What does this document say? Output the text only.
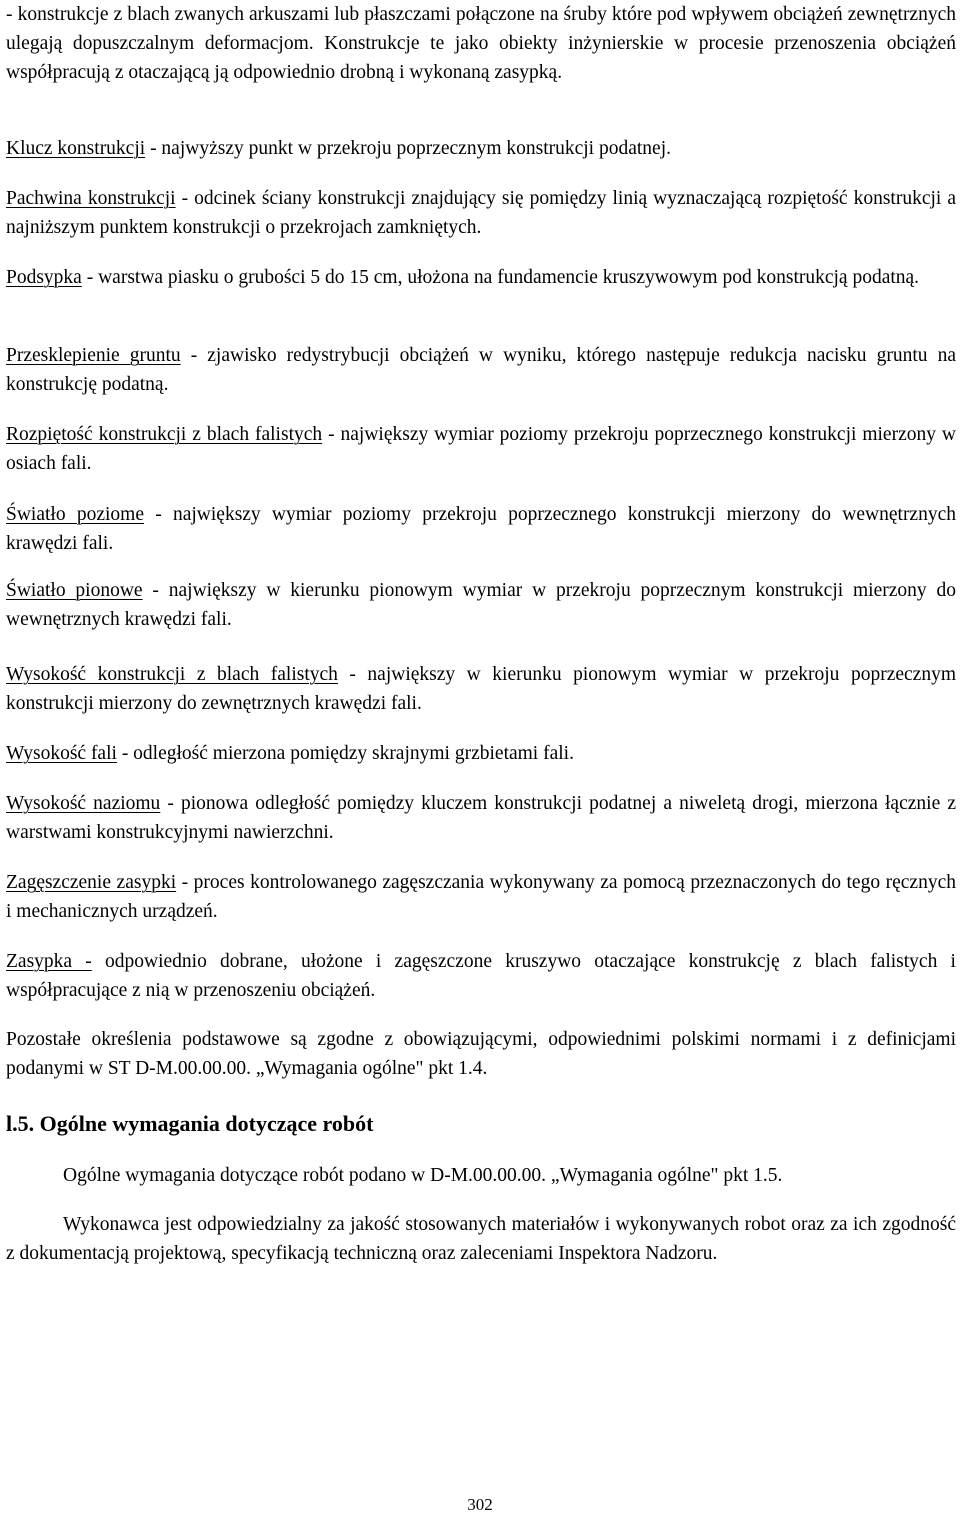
- konstrukcje z blach zwanych arkuszami lub płaszczami połączone na śruby które pod wpływem obciążeń zewnętrznych ulegają dopuszczalnym deformacjom. Konstrukcje te jako obiekty inżynierskie w procesie przenoszenia obciążeń współpracują z otaczającą ją odpowiednio drobną i wykonaną zasypką.

Klucz konstrukcji - najwyższy punkt w przekroju poprzecznym konstrukcji podatnej.

Pachwina konstrukcji - odcinek ściany konstrukcji znajdujący się pomiędzy linią wyznaczającą rozpiętość konstrukcji a najniższym punktem konstrukcji o przekrojach zamkniętych.

Podsypka - warstwa piasku o grubości 5 do 15 cm, ułożona na fundamencie kruszywowym pod konstrukcją podatną.

Przesklepienie gruntu - zjawisko redystrybucji obciążeń w wyniku, którego następuje redukcja nacisku gruntu na konstrukcję podatną.

Rozpiętość konstrukcji z blach falistych - największy wymiar poziomy przekroju poprzecznego konstrukcji mierzony w osiach fali.

Światło poziome - największy wymiar poziomy przekroju poprzecznego konstrukcji mierzony do wewnętrznych krawędzi fali.

Światło pionowe - największy w kierunku pionowym wymiar w przekroju poprzecznym konstrukcji mierzony do wewnętrznych krawędzi fali.

Wysokość konstrukcji z blach falistych - największy w kierunku pionowym wymiar w przekroju poprzecznym konstrukcji mierzony do zewnętrznych krawędzi fali.

Wysokość fali - odległość mierzona pomiędzy skrajnymi grzbietami fali.

Wysokość naziomu - pionowa odległość pomiędzy kluczem konstrukcji podatnej a niweletą drogi, mierzona łącznie z warstwami konstrukcyjnymi nawierzchni.

Zagęszczenie zasypki - proces kontrolowanego zagęszczania wykonywany za pomocą przeznaczonych do tego ręcznych i mechanicznych urządzeń.

Zasypka - odpowiednio dobrane, ułożone i zagęszczone kruszywo otaczające konstrukcję z blach falistych i współpracujące z nią w przenoszeniu obciążeń.

Pozostałe określenia podstawowe są zgodne z obowiązującymi, odpowiednimi polskimi normami i z definicjami podanymi w ST D-M.00.00.00. „Wymagania ogólne" pkt 1.4.

l.5. Ogólne wymagania dotyczące robót

Ogólne wymagania dotyczące robót podano w D-M.00.00.00. „Wymagania ogólne" pkt 1.5.

Wykonawca jest odpowiedzialny za jakość stosowanych materiałów i wykonywanych robot oraz za ich zgodność z dokumentacją projektową, specyfikacją techniczną oraz zaleceniami Inspektora Nadzoru.

302
